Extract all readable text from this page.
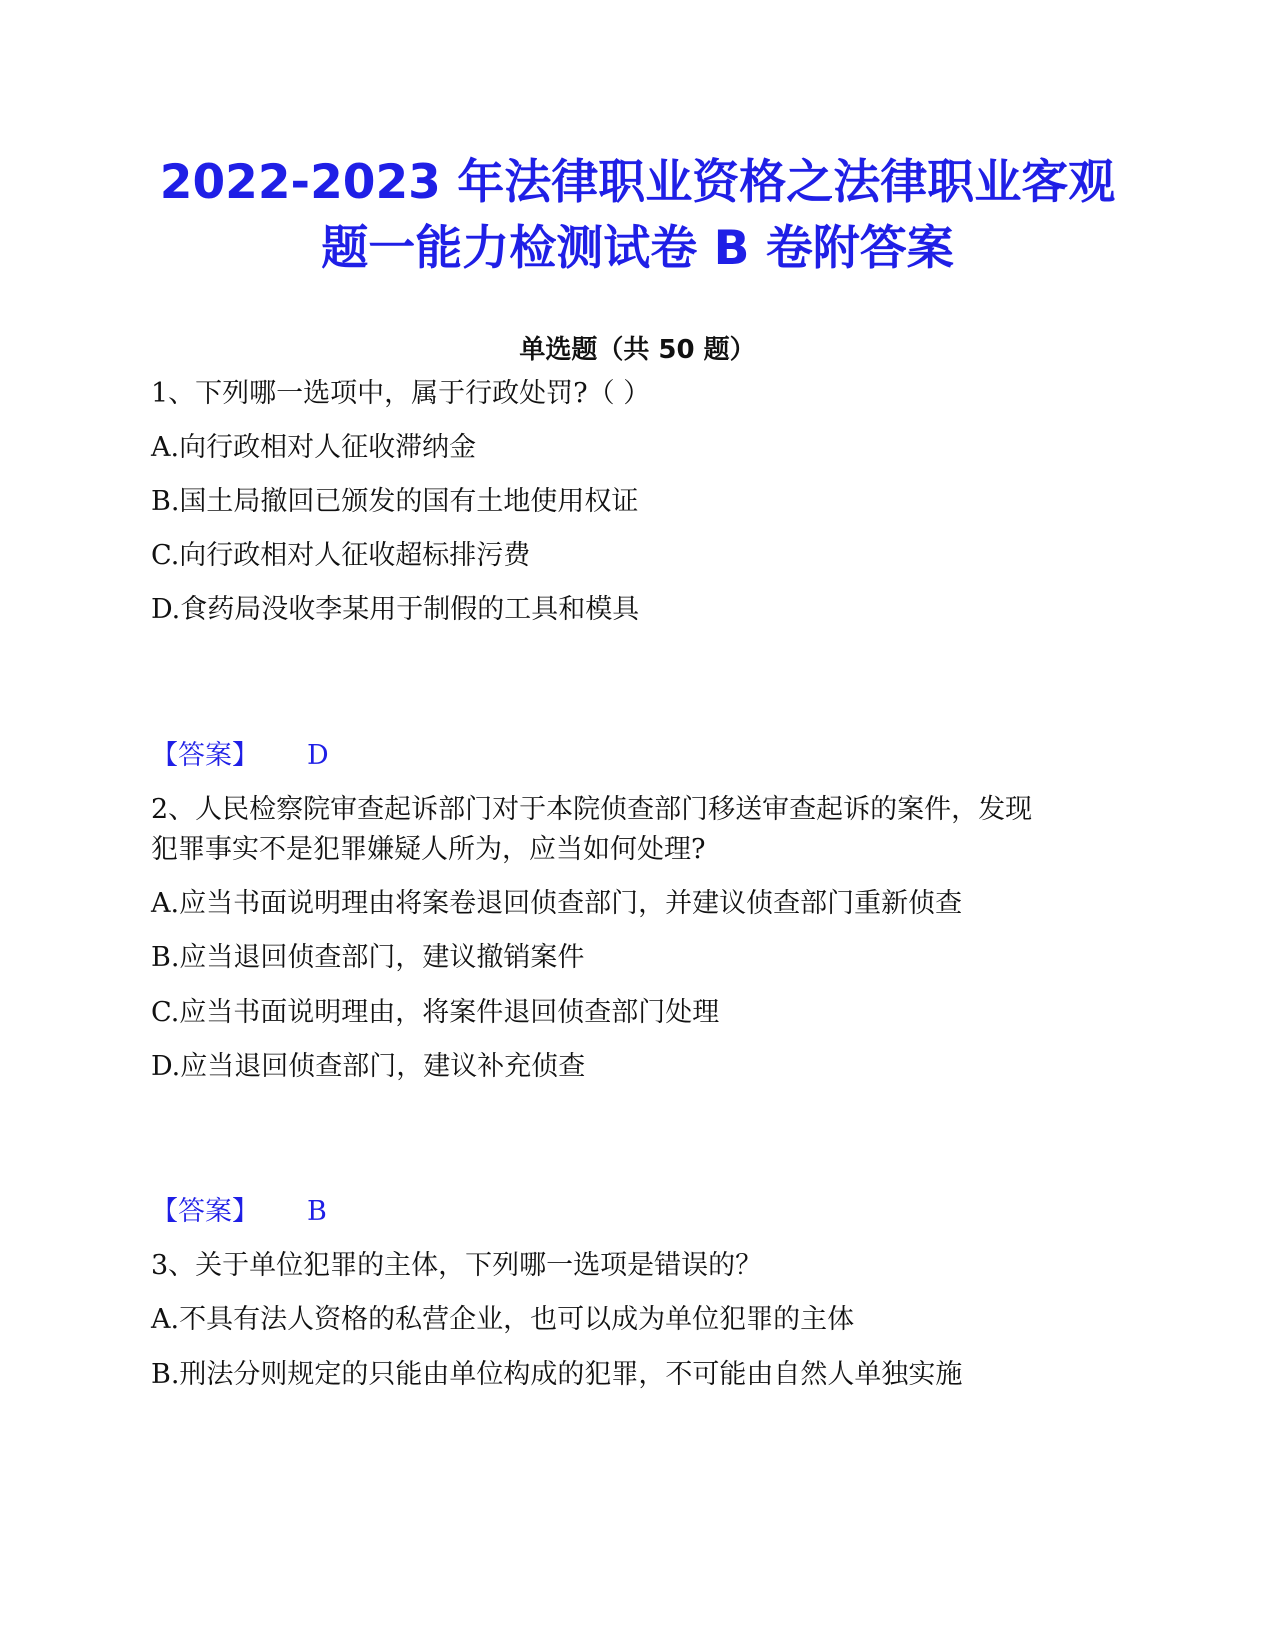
2022-2023 年法律职业资格之法律职业客观
题一能力检测试卷 B 卷附答案
单选题（共 50 题）
1、下列哪一选项中，属于行政处罚?（ ）
A.向行政相对人征收滞纳金
B.国土局撤回已颁发的国有土地使用权证
C.向行政相对人征收超标排污费
D.食药局没收李某用于制假的工具和模具
【答案】 D
2、人民检察院审查起诉部门对于本院侦查部门移送审查起诉的案件，发现
犯罪事实不是犯罪嫌疑人所为，应当如何处理?
A.应当书面说明理由将案卷退回侦查部门，并建议侦查部门重新侦查
B.应当退回侦查部门，建议撤销案件
C.应当书面说明理由，将案件退回侦查部门处理
D.应当退回侦查部门，建议补充侦查
【答案】 B
3、关于单位犯罪的主体，下列哪一选项是错误的？
A.不具有法人资格的私营企业，也可以成为单位犯罪的主体
B.刑法分则规定的只能由单位构成的犯罪，不可能由自然人单独实施
